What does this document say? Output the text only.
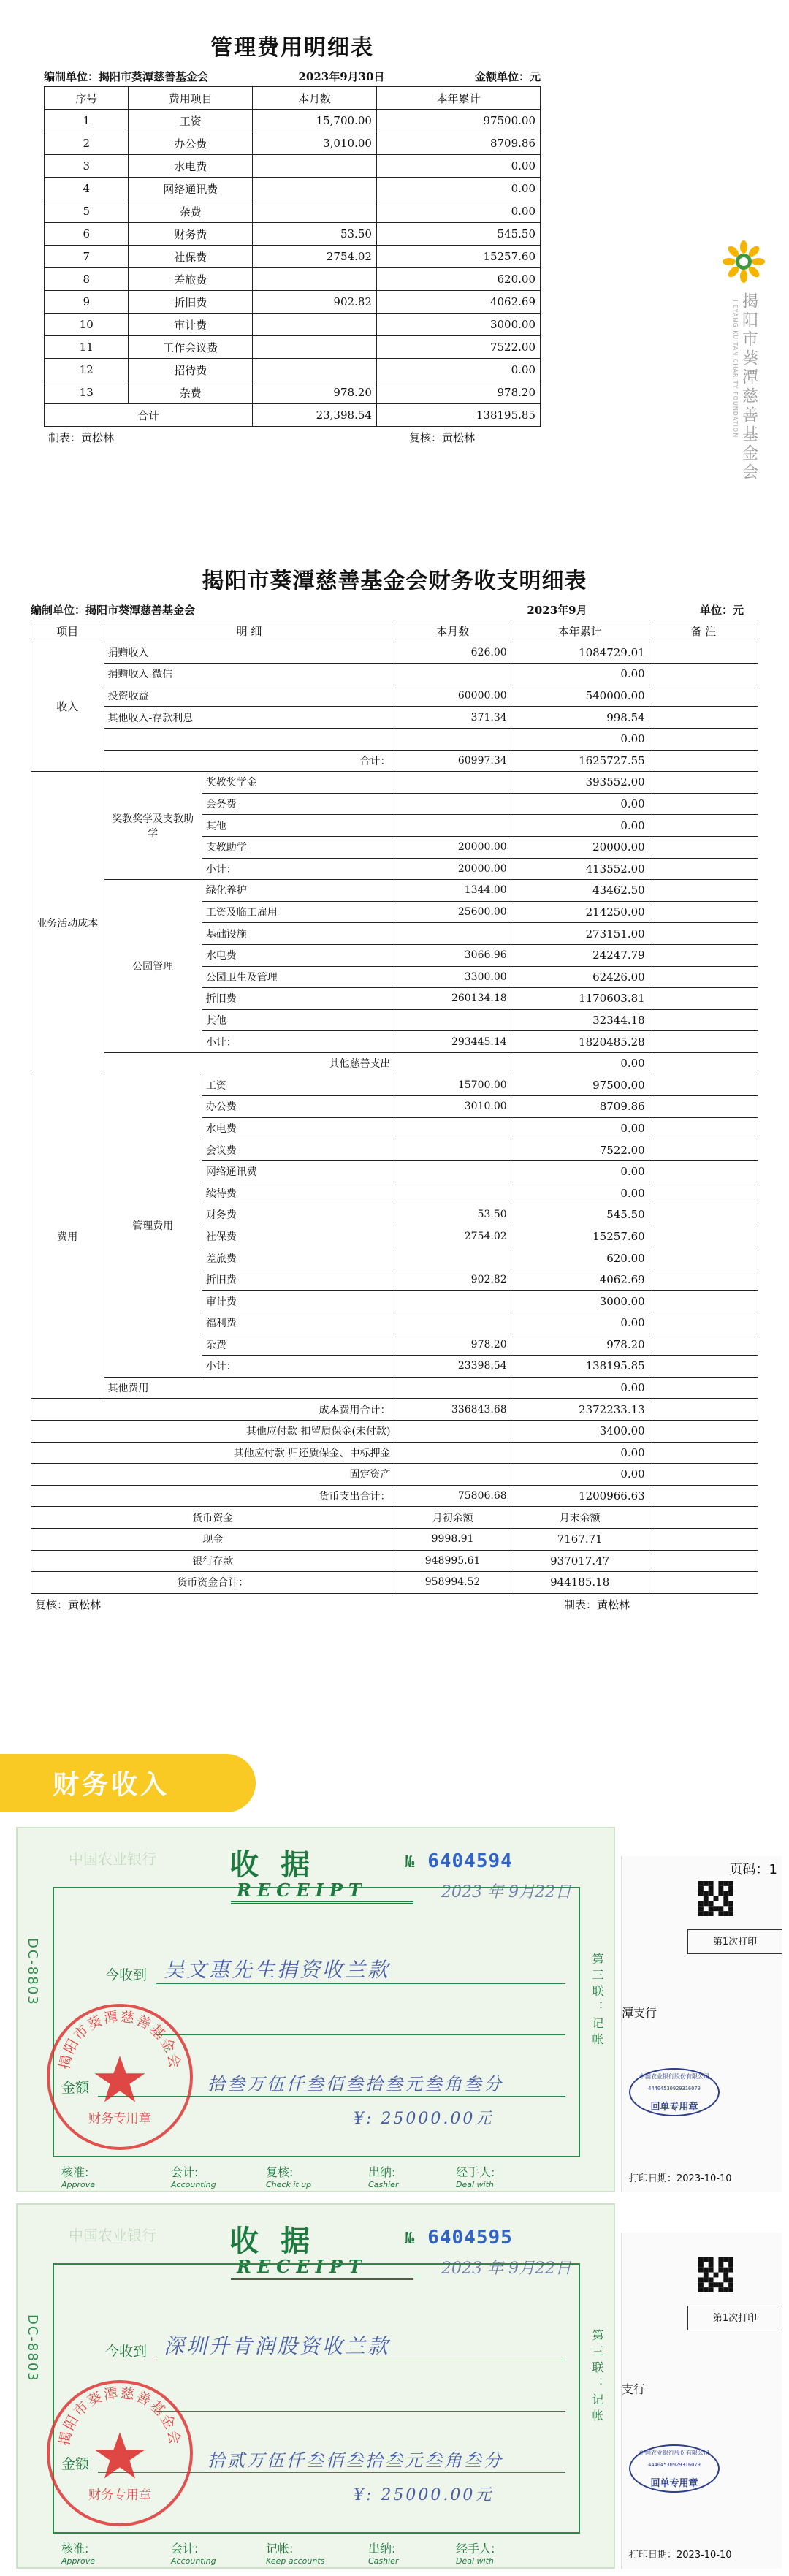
管理费用明细表
编制单位：揭阳市葵潭慈善基金会	2023年9月30日	金额单位：元
序号	费用项目	本月数	本年累计
1	工资	15,700.00	97500.00
2	办公费	3,010.00	8709.86
3	水电费		0.00
4	网络通讯费		0.00
5	杂费		0.00
6	财务费	53.50	545.50
7	社保费	2754.02	15257.60
8	差旅费		620.00
9	折旧费	902.82	4062.69
10	审计费		3000.00
11	工作会议费		7522.00
12	招待费		0.00
13	杂费	978.20	978.20
合计		23,398.54	138195.85
制表：黄松林	复核：黄松林	JIEYANG KUITAN CHARITY FOUNDATION 揭阳市葵潭慈善基金会
揭阳市葵潭慈善基金会财务收支明细表
编制单位：揭阳市葵潭慈善基金会	2023年9月	单位：元
项目	明 细		本月数	本年累计	备 注
收入	捐赠收入		626.00	1084729.01	
	捐赠收入-微信			0.00	
	投资收益		60000.00	540000.00	
	其他收入-存款利息		371.34	998.54	
				0.00	
	合计：		60997.34	1625727.55	
业务活动成本	奖教奖学及支教助学	奖教奖学金		393552.00	
		会务费		0.00	
		其他		0.00	
		支教助学	20000.00	20000.00	
		小计：	20000.00	413552.00	
	公园管理	绿化养护	1344.00	43462.50	
		工资及临工雇用	25600.00	214250.00	
		基础设施		273151.00	
		水电费	3066.96	24247.79	
		公园卫生及管理	3300.00	62426.00	
		折旧费	260134.18	1170603.81	
		其他		32344.18	
		小计：	293445.14	1820485.28	
	其他慈善支出			0.00	
费用	管理费用	工资	15700.00	97500.00	
		办公费	3010.00	8709.86	
		水电费		0.00	
		会议费		7522.00	
		网络通讯费		0.00	
		续待费		0.00	
		财务费	53.50	545.50	
		社保费	2754.02	15257.60	
		差旅费		620.00	
		折旧费	902.82	4062.69	
		审计费		3000.00	
		福利费		0.00	
		杂费	978.20	978.20	
		小计：	23398.54	138195.85	
	其他费用			0.00	
成本费用合计：			336843.68	2372233.13	
其他应付款-扣留质保金(未付款)				3400.00	
其他应付款-归还质保金、中标押金				0.00	
固定资产				0.00	
货币支出合计：			75806.68	1200966.63	
货币资金			月初余额	月末余额	
现金			9998.91	7167.71	
银行存款			948995.61	937017.47	
货币资金合计：			958994.52	944185.18	
复核：黄松林	制表：黄松林
财务收入
中国农业银行	收据
RECEIPT
№ 6404594
2023 年 9月22日
DC-8803	今收到 吴文惠先生捐资收兰款
金额	拾叁万伍仟叁佰叁拾叁元叁角叁分
¥: 25000.00元
第三联：记帐
核准:
Approve
会计:
Accounting
复核:
Check it up
出纳:
Cashier
经手人:
Deal with
揭阳市葵潭慈善基金会
财务专用章
页码：1
第1次打印
潭支行
中国农业银行股份有限公司
44404530929316079
回单专用章
打印日期：2023-10-10
中国农业银行	收据
RECEIPT
№ 6404595
2023 年 9月22日
DC-8803	今收到 深圳升肯润股资收兰款
金额	拾贰万伍仟叁佰叁拾叁元叁角叁分
¥: 25000.00元
第三联：记帐
核准:
Approve
会计:
Accounting
记帐:
Keep accounts
出纳:
Cashier
经手人:
Deal with
揭阳市葵潭慈善基金会
财务专用章
第1次打印
支行
中国农业银行股份有限公司
44404530929316079
回单专用章
打印日期：2023-10-10
